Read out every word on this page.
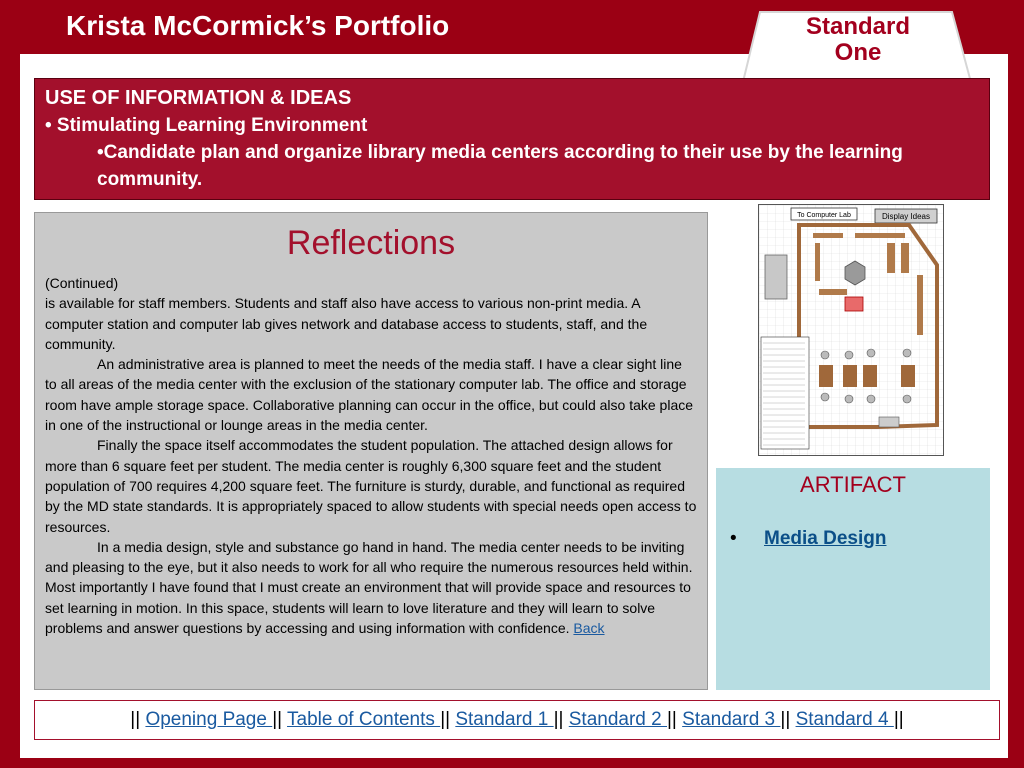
Krista McCormick’s Portfolio	Standard
One
USE OF INFORMATION & IDEAS
• Stimulating Learning Environment
•Candidate plan and organize library media centers according to their use by the learning community.
Reflections

(Continued)

is available for staff members. Students and staff also have access to various non-print media. A computer station and computer lab gives network and database access to students, staff, and the community.

An administrative area is planned to meet the needs of the media staff. I have a clear sight line to all areas of the media center with the exclusion of the stationary computer lab. The office and storage room have ample storage space. Collaborative planning can occur in the office, but could also take place in one of the instructional or lounge areas in the media center.

Finally the space itself accommodates the student population. The attached design allows for more than 6 square feet per student. The media center is roughly 6,300 square feet and the student population of 700 requires 4,200 square feet. The furniture is sturdy, durable, and functional as required by the MD state standards. It is appropriately spaced to allow students with special needs open access to resources.

In a media design, style and substance go hand in hand. The media center needs to be inviting and pleasing to the eye, but it also needs to work for all who require the numerous resources held within. Most importantly I have found that I must create an environment that will provide space and resources to set learning in motion. In this space, students will learn to love literature and they will learn to solve problems and answer questions by accessing and using information with confidence. Back

To Computer Lab	Display Ideas
ARTIFACT
• Media Design
|| Opening Page || Table of Contents || Standard 1 || Standard 2 || Standard 3 || Standard 4 ||
